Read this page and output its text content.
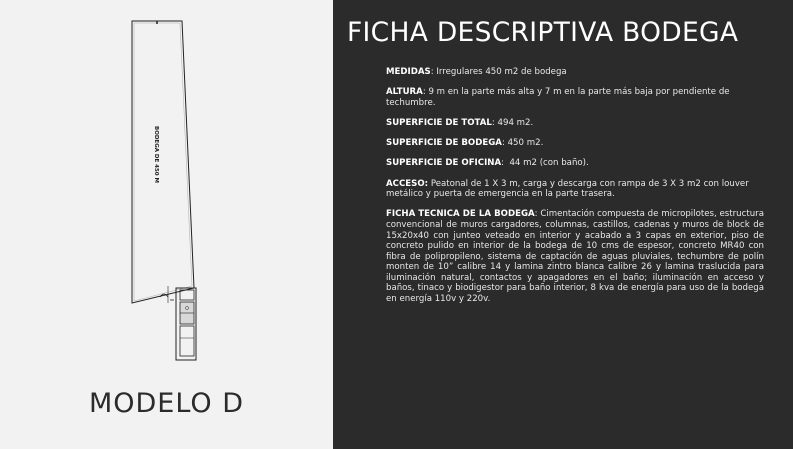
BODEGA DE 450 M
MODELO D
FICHA DESCRIPTIVA BODEGA

MEDIDAS: Irregulares 450 m2 de bodega

ALTURA: 9 m en la parte más alta y 7 m en la parte más baja por pendiente de techumbre.

SUPERFICIE DE TOTAL: 494 m2.

SUPERFICIE DE BODEGA: 450 m2.

SUPERFICIE DE OFICINA:  44 m2 (con baño).

ACCESO: Peatonal de 1 X 3 m, carga y descarga con rampa de 3 X 3 m2 con louver metálico y puerta de emergencia en la parte trasera.

FICHA TECNICA DE LA BODEGA: Cimentación compuesta de micropilotes, estructura convencional de muros cargadores, columnas, castillos, cadenas y muros de block de 15x20x40 con junteo veteado en interior y acabado a 3 capas en exterior, piso de concreto pulido en interior de la bodega de 10 cms de espesor, concreto MR40 con fibra de polipropileno, sistema de captación de aguas pluviales, techumbre de polín monten de 10” calibre 14 y lamina zintro blanca calibre 26 y lamina traslucida para iluminación natural, contactos y apagadores en el baño; iluminación en acceso y baños, tinaco y biodigestor para baño interior, 8 kva de energía para uso de la bodega en energía 110v y 220v.
